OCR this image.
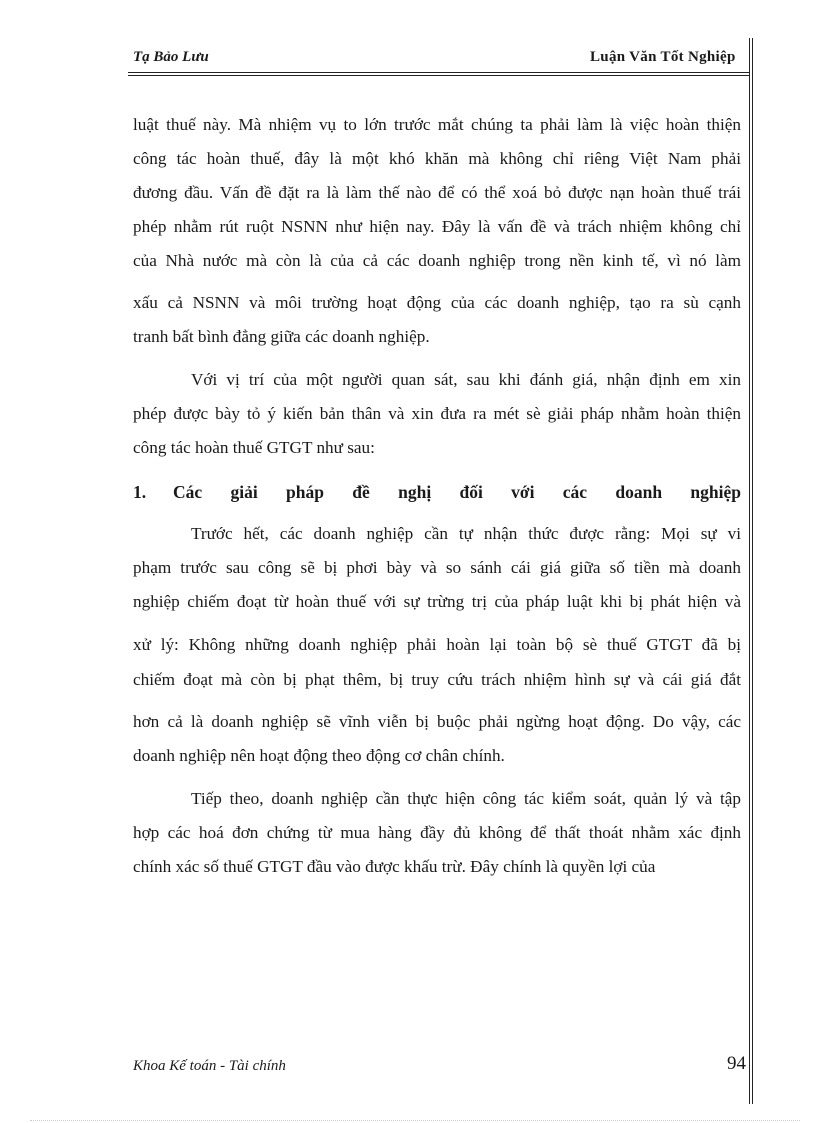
Tạ Bảo Lưu	Luận Văn Tốt Nghiệp
luật thuế này. Mà nhiệm vụ to lớn trước mắt chúng ta phải làm là việc hoàn thiện
công tác hoàn thuế, đây là một khó khăn mà không chỉ riêng Việt Nam phải
đương đầu. Vấn đề đặt ra là làm thế nào để có thể xoá bỏ được nạn hoàn thuế trái
phép nhằm rút ruột NSNN như hiện nay. Đây là vấn đề và trách nhiệm không chỉ
của Nhà nước mà còn là của cả các doanh nghiệp trong nền kinh tế, vì nó làm
xấu cả NSNN và môi trường hoạt động của các doanh nghiệp, tạo ra sù cạnh
tranh bất bình đẳng giữa các doanh nghiệp.
Với vị trí của một người quan sát, sau khi đánh giá, nhận định em xin
phép được bày tỏ ý kiến bản thân và xin đưa ra mét sè giải pháp nhằm hoàn thiện
công tác hoàn thuế GTGT như sau:
1. Các giải pháp đề nghị đối với các doanh nghiệp
Trước hết, các doanh nghiệp cần tự nhận thức được rằng: Mọi sự vi
phạm trước sau công sẽ bị phơi bày và so sánh cái giá giữa số tiền mà doanh
nghiệp chiếm đoạt từ hoàn thuế với sự trừng trị của pháp luật khi bị phát hiện và
xử lý: Không những doanh nghiệp phải hoàn lại toàn bộ sè thuế GTGT đã bị
chiếm đoạt mà còn bị phạt thêm, bị truy cứu trách nhiệm hình sự và cái giá đắt
hơn cả là doanh nghiệp sẽ vĩnh viễn bị buộc phải ngừng hoạt động. Do vậy, các
doanh nghiệp nên hoạt động theo động cơ chân chính.
Tiếp theo, doanh nghiệp cần thực hiện công tác kiểm soát, quản lý và tập
hợp các hoá đơn chứng từ mua hàng đầy đủ không để thất thoát nhằm xác định
chính xác số thuế GTGT đầu vào được khấu trừ. Đây chính là quyền lợi của
Khoa Kế toán - Tài chính	94
